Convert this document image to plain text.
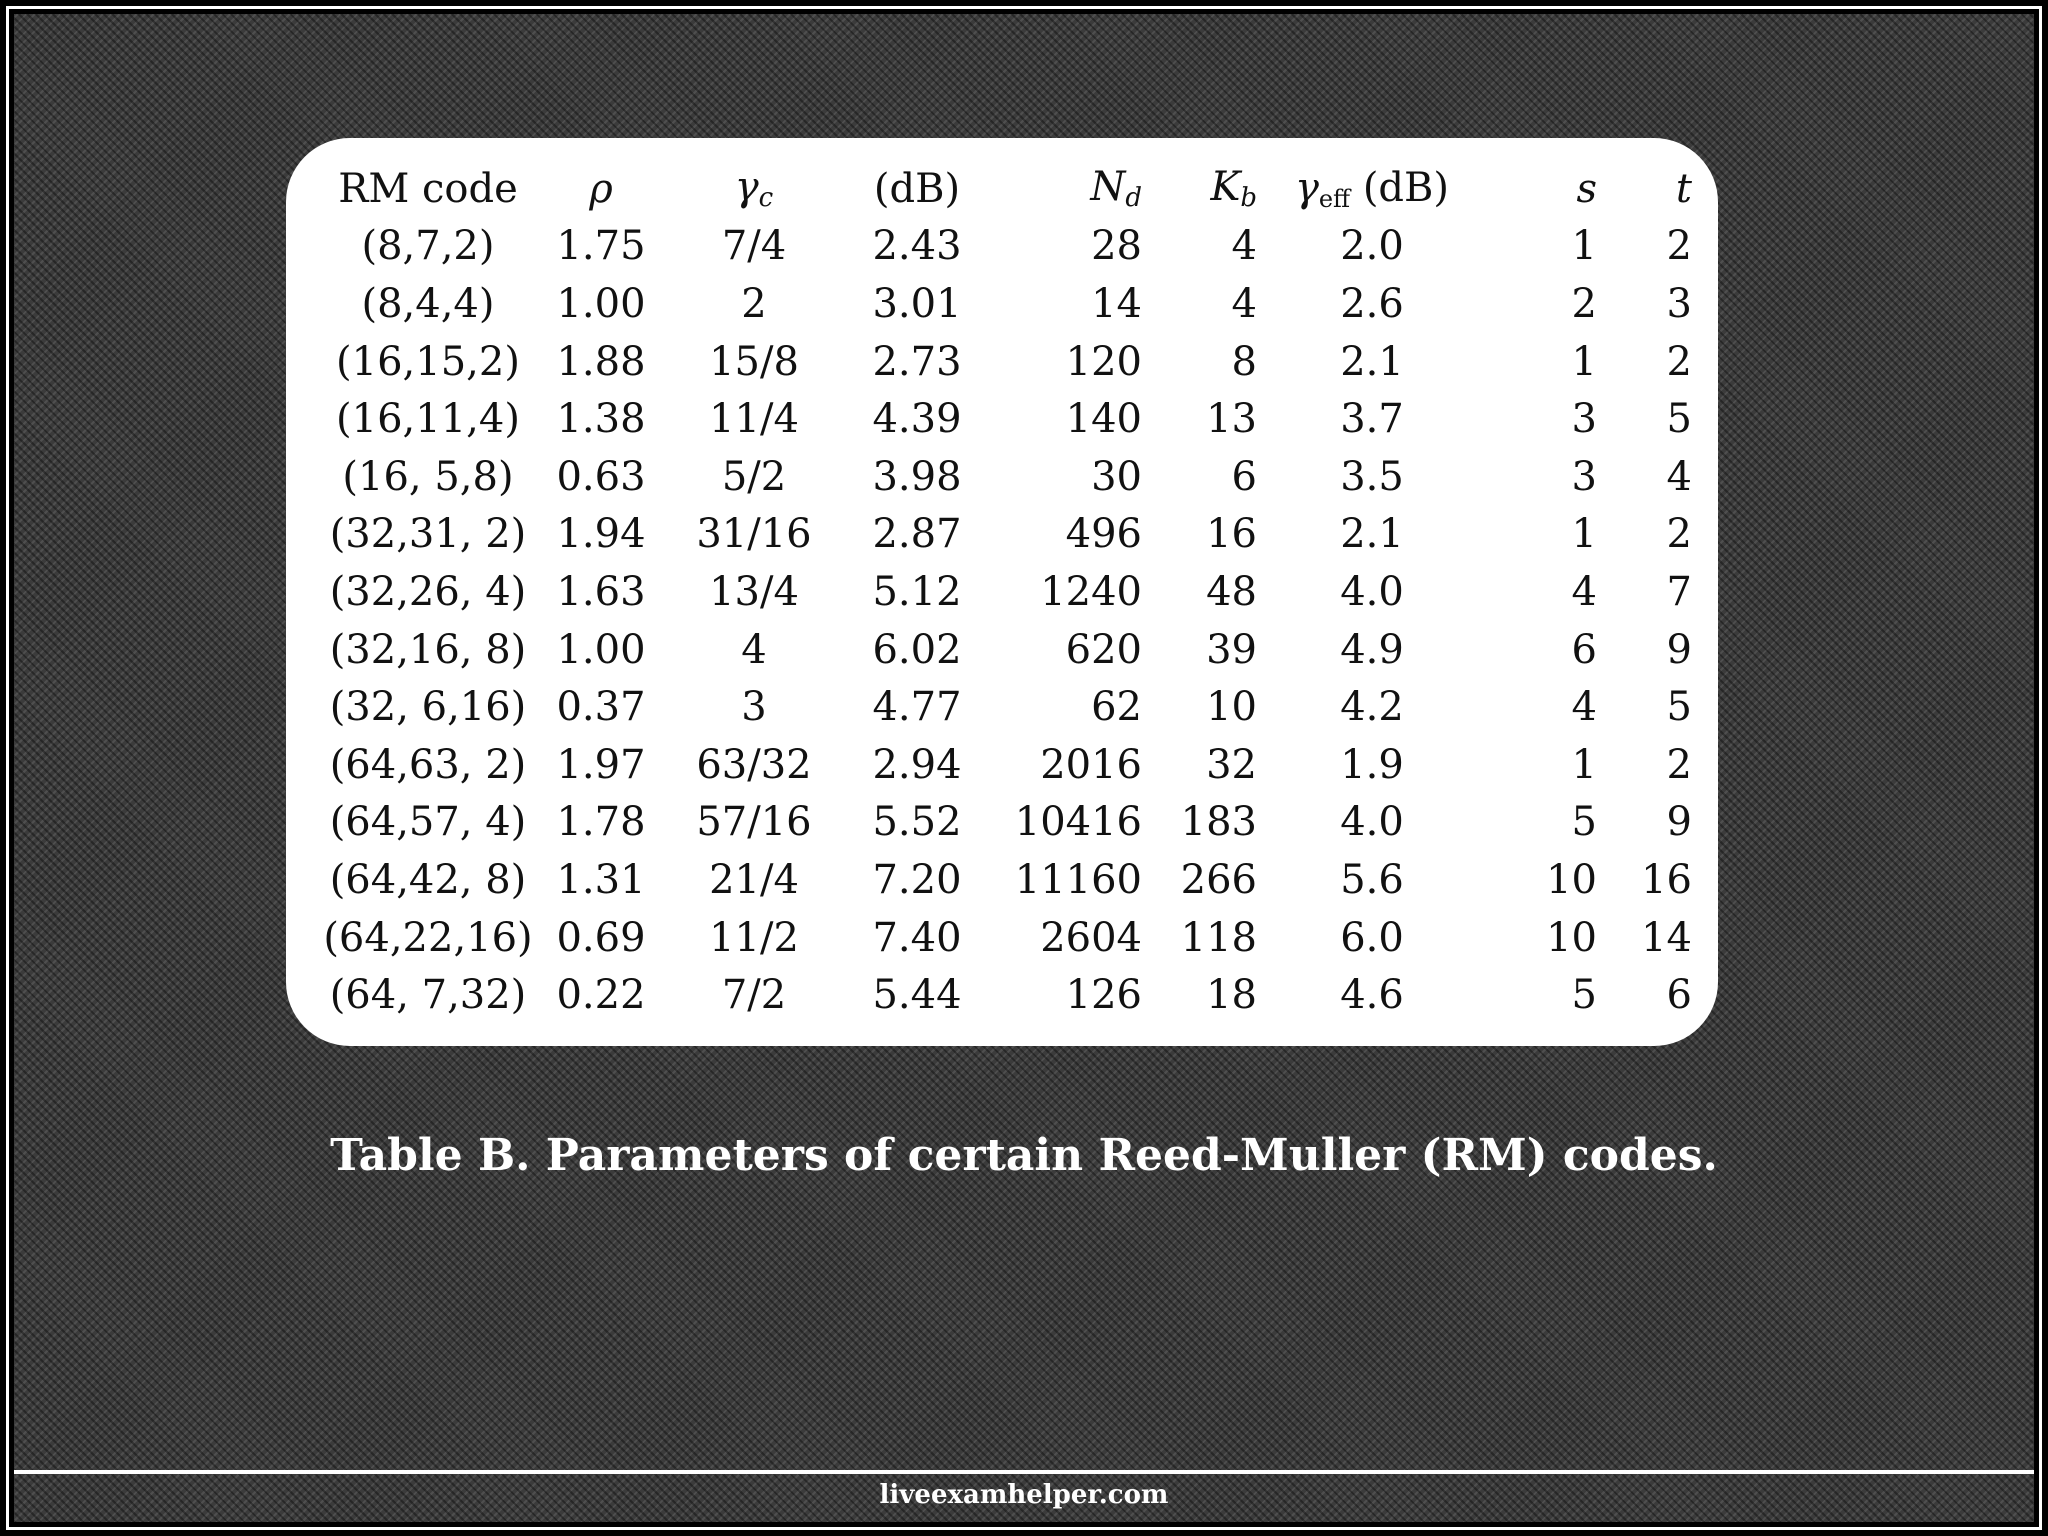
RM code	ρ	$\gamma_c$	(dB)	$N_d$	$K_b$	γeff (dB)	s	t
(8,7,2)	1.75	7/4	2.43	28	4	2.0	1	2
(8,4,4)	1.00	2	3.01	14	4	2.6	2	3
(16,15,2)	1.88	15/8	2.73	120	8	2.1	1	2
(16,11,4)	1.38	11/4	4.39	140	13	3.7	3	5
(16, 5,8)	0.63	5/2	3.98	30	6	3.5	3	4
(32,31, 2)	1.94	31/16	2.87	496	16	2.1	1	2
(32,26, 4)	1.63	13/4	5.12	1240	48	4.0	4	7
(32,16, 8)	1.00	4	6.02	620	39	4.9	6	9
(32, 6,16)	0.37	3	4.77	62	10	4.2	4	5
(64,63, 2)	1.97	63/32	2.94	2016	32	1.9	1	2
(64,57, 4)	1.78	57/16	5.52	10416	183	4.0	5	9
(64,42, 8)	1.31	21/4	7.20	11160	266	5.6	10	16
(64,22,16)	0.69	11/2	7.40	2604	118	6.0	10	14
(64, 7,32)	0.22	7/2	5.44	126	18	4.6	5	6
Table B. Parameters of certain Reed-Muller (RM) codes.
liveexamhelper.com
